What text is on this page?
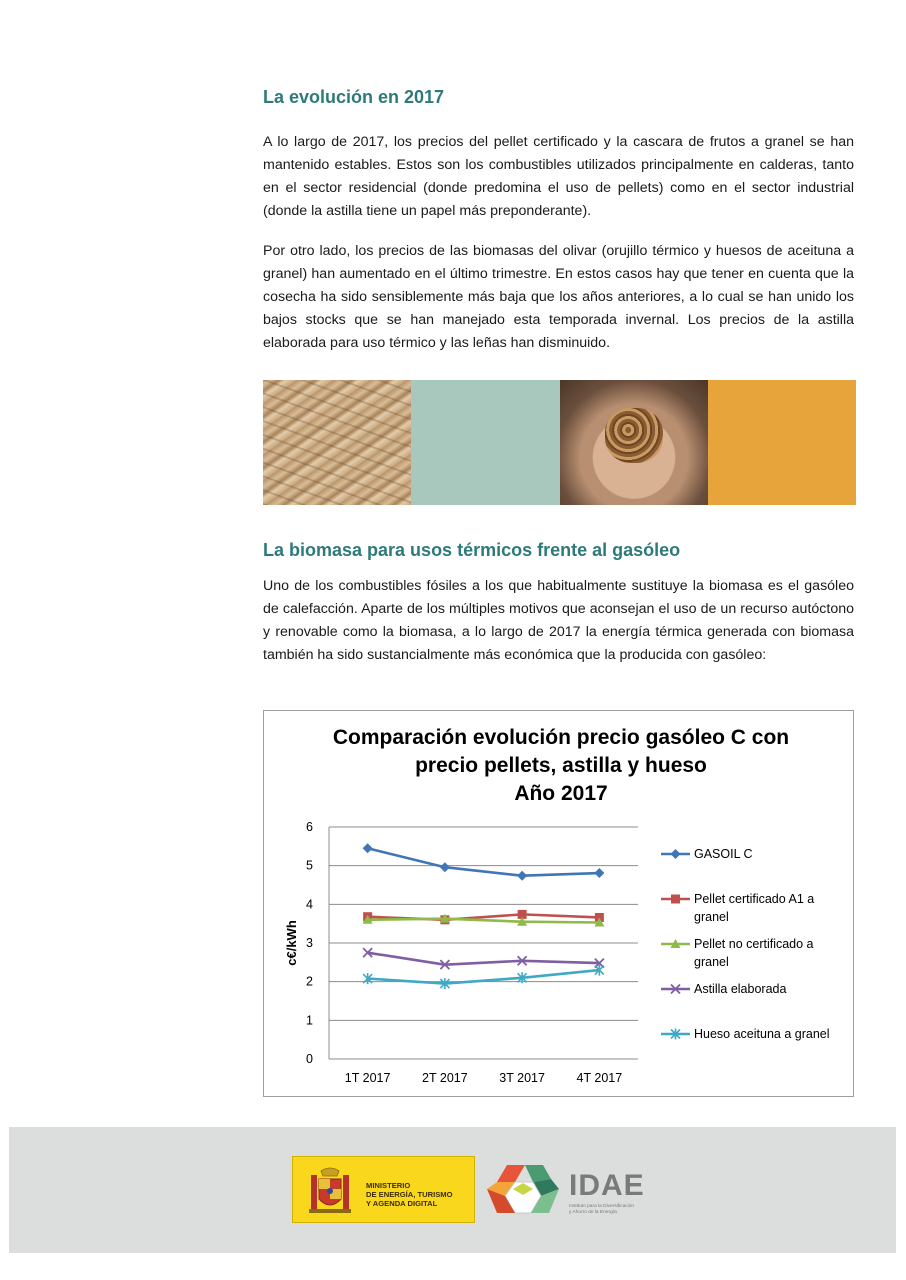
La evolución en 2017

A lo largo de 2017, los precios del pellet certificado y la cascara de frutos a granel se han mantenido estables. Estos son los combustibles utilizados principalmente en calderas, tanto en el sector residencial (donde predomina el uso de pellets) como en el sector industrial (donde la astilla tiene un papel más preponderante).

Por otro lado, los precios de las biomasas del olivar (orujillo térmico y huesos de aceituna a granel) han aumentado en el último trimestre. En estos casos hay que tener en cuenta que la cosecha ha sido sensiblemente más baja que los años anteriores, a lo cual se han unido los bajos stocks que se han manejado esta temporada invernal. Los precios de la astilla elaborada para uso térmico y las leñas han disminuido.

La biomasa para usos térmicos frente al gasóleo

Uno de los combustibles fósiles a los que habitualmente sustituye la biomasa es el gasóleo de calefacción. Aparte de los múltiples motivos que aconsejan el uso de un recurso autóctono y renovable como la biomasa, a lo largo de 2017 la energía térmica generada con biomasa también ha sido sustancialmente más económica que la producida con gasóleo:

Comparación evolución precio gasóleo C con
precio pellets, astilla y hueso
Año 2017
0
1
2
3
4
5
6
1T 2017	2T 2017	3T 2017	4T 2017
c€/kWh
GASOIL C
Pellet certificado A1 a
granel
Pellet no certificado a
granel
Astilla elaborada
Hueso aceituna a granel
MINISTERIO
DE ENERGÍA, TURISMO
Y AGENDA DIGITAL
IDAE
Instituto para la Diversificación
y Ahorro de la Energía
